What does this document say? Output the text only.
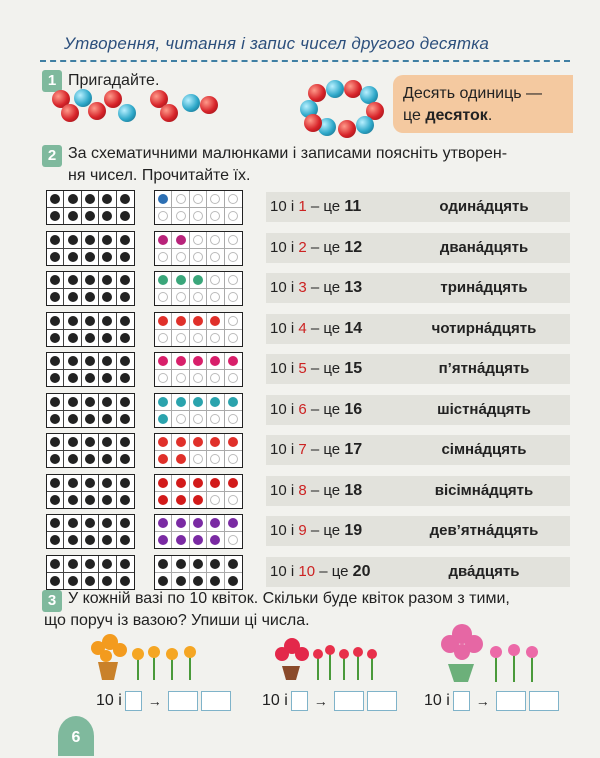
Утворення, читання і запис чисел другого десятка
1 Пригадайте.
Десять одиниць —
це десяток.
2 За схематичними малюнками і записами поясніть утворен-
ня чисел. Прочитайте їх.
10 і 1 – це 11	одина́дцять
10 і 2 – це 12	двана́дцять
10 і 3 – це 13	трина́дцять
10 і 4 – це 14	чотирна́дцять
10 і 5 – це 15	п’ятна́дцять
10 і 6 – це 16	шістна́дцять
10 і 7 – це 17	сімна́дцять
10 і 8 – це 18	вісімна́дцять
10 і 9 – це 19	дев’ятна́дцять
10 і 10 – це 20	два́дцять
3 У кожній вазі по 10 квіток. Скільки буде квіток разом з тими,
що поруч із вазою? Упиши ці числа.
10 і →	10 і →	10 і →
6
